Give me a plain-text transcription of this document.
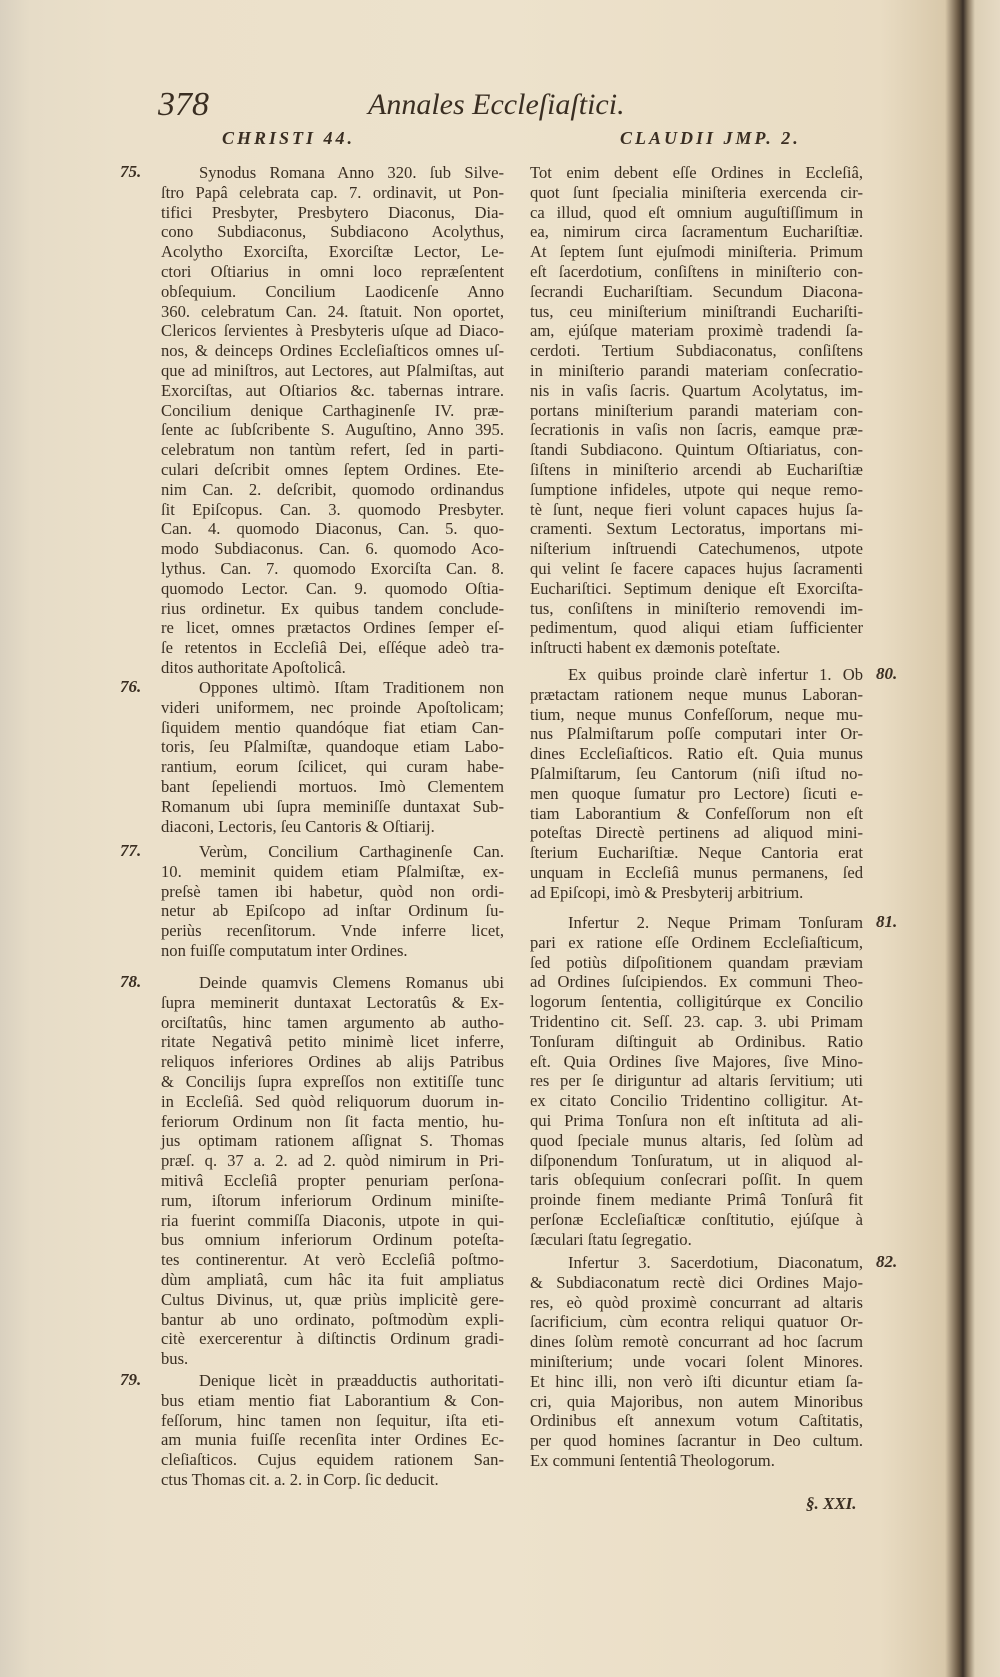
378	Annales Eccleſiaſtici.
CHRISTI 44.	CLAUDII JMP. 2.
75.
76.
77.
78.
79.
80.
81.
82.
Synodus Romana Anno 320. ſub Silve-
ſtro Papâ celebrata cap. 7. ordinavit, ut Pon-
tifici Presbyter, Presbytero Diaconus, Dia-
cono Subdiaconus, Subdiacono Acolythus,
Acolytho Exorciſta, Exorciſtæ Lector, Le-
ctori Oſtiarius in omni loco repræſentent
obſequium. Concilium Laodicenſe Anno
360. celebratum Can. 24. ſtatuit. Non oportet,
Clericos ſervientes à Presbyteris uſque ad Diaco-
nos, & deinceps Ordines Eccleſiaſticos omnes uſ-
que ad miniſtros, aut Lectores, aut Pſalmiſtas, aut
Exorciſtas, aut Oſtiarios &c. tabernas intrare.
Concilium denique Carthaginenſe IV. præ-
ſente ac ſubſcribente S. Auguſtino, Anno 395.
celebratum non tantùm refert, ſed in parti-
culari deſcribit omnes ſeptem Ordines. Ete-
nim Can. 2. deſcribit, quomodo ordinandus
ſit Epiſcopus. Can. 3. quomodo Presbyter.
Can. 4. quomodo Diaconus, Can. 5. quo-
modo Subdiaconus. Can. 6. quomodo Aco-
lythus. Can. 7. quomodo Exorciſta Can. 8.
quomodo Lector. Can. 9. quomodo Oſtia-
rius ordinetur. Ex quibus tandem conclude-
re licet, omnes prætactos Ordines ſemper eſ-
ſe retentos in Eccleſiâ Dei, eſſéque adeò tra-
ditos authoritate Apoſtolicâ.
Oppones ultimò. Iſtam Traditionem non
videri uniformem, nec proinde Apoſtolicam;
ſiquidem mentio quandóque fiat etiam Can-
toris, ſeu Pſalmiſtæ, quandoque etiam Labo-
rantium, eorum ſcilicet, qui curam habe-
bant ſepeliendi mortuos. Imò Clementem
Romanum ubi ſupra meminiſſe duntaxat Sub-
diaconi, Lectoris, ſeu Cantoris & Oſtiarij.
Verùm, Concilium Carthaginenſe Can.
10. meminit quidem etiam Pſalmiſtæ, ex-
preſsè tamen ibi habetur, quòd non ordi-
netur ab Epiſcopo ad inſtar Ordinum ſu-
periùs recenſitorum. Vnde inferre licet,
non fuiſſe computatum inter Ordines.
Deinde quamvis Clemens Romanus ubi
ſupra meminerit duntaxat Lectoratûs & Ex-
orciſtatûs, hinc tamen argumento ab autho-
ritate Negativâ petito minimè licet inferre,
reliquos inferiores Ordines ab alijs Patribus
& Concilijs ſupra expreſſos non extitiſſe tunc
in Eccleſiâ. Sed quòd reliquorum duorum in-
feriorum Ordinum non ſit facta mentio, hu-
jus optimam rationem aſſignat S. Thomas
præſ. q. 37 a. 2. ad 2. quòd nimirum in Pri-
mitivâ Eccleſiâ propter penuriam perſona-
rum, iſtorum inferiorum Ordinum miniſte-
ria fuerint commiſſa Diaconis, utpote in qui-
bus omnium inferiorum Ordinum poteſta-
tes continerentur. At verò Eccleſiâ poſtmo-
dùm ampliatâ, cum hâc ita fuit ampliatus
Cultus Divinus, ut, quæ priùs implicitè gere-
bantur ab uno ordinato, poſtmodùm expli-
citè exercerentur à diſtinctis Ordinum gradi-
bus.
Denique licèt in præadductis authoritati-
bus etiam mentio fiat Laborantium & Con-
feſſorum, hinc tamen non ſequitur, iſta eti-
am munia fuiſſe recenſita inter Ordines Ec-
cleſiaſticos. Cujus equidem rationem San-
ctus Thomas cit. a. 2. in Corp. ſic deducit.
Tot enim debent eſſe Ordines in Eccleſiâ,
quot ſunt ſpecialia miniſteria exercenda cir-
ca illud, quod eſt omnium auguſtiſſimum in
ea, nimirum circa ſacramentum Euchariſtiæ.
At ſeptem ſunt ejuſmodi miniſteria. Primum
eſt ſacerdotium, conſiſtens in miniſterio con-
ſecrandi Euchariſtiam. Secundum Diacona-
tus, ceu miniſterium miniſtrandi Euchariſti-
am, ejúſque materiam proximè tradendi ſa-
cerdoti. Tertium Subdiaconatus, conſiſtens
in miniſterio parandi materiam conſecratio-
nis in vaſis ſacris. Quartum Acolytatus, im-
portans miniſterium parandi materiam con-
ſecrationis in vaſis non ſacris, eamque præ-
ſtandi Subdiacono. Quintum Oſtiariatus, con-
ſiſtens in miniſterio arcendi ab Euchariſtiæ
ſumptione infideles, utpote qui neque remo-
tè ſunt, neque fieri volunt capaces hujus ſa-
cramenti. Sextum Lectoratus, importans mi-
niſterium inſtruendi Catechumenos, utpote
qui velint ſe facere capaces hujus ſacramenti
Euchariſtici. Septimum denique eſt Exorciſta-
tus, conſiſtens in miniſterio removendi im-
pedimentum, quod aliqui etiam ſufficienter
inſtructi habent ex dæmonis poteſtate.
Ex quibus proinde clarè infertur 1. Ob
prætactam rationem neque munus Laboran-
tium, neque munus Confeſſorum, neque mu-
nus Pſalmiſtarum poſſe computari inter Or-
dines Eccleſiaſticos. Ratio eſt. Quia munus
Pſalmiſtarum, ſeu Cantorum (niſi iſtud no-
men quoque ſumatur pro Lectore) ſicuti e-
tiam Laborantium & Confeſſorum non eſt
poteſtas Directè pertinens ad aliquod mini-
ſterium Euchariſtiæ. Neque Cantoria erat
unquam in Eccleſiâ munus permanens, ſed
ad Epiſcopi, imò & Presbyterij arbitrium.
Infertur 2. Neque Primam Tonſuram
pari ex ratione eſſe Ordinem Eccleſiaſticum,
ſed potiùs diſpoſitionem quandam præviam
ad Ordines ſuſcipiendos. Ex communi Theo-
logorum ſententia, colligitúrque ex Concilio
Tridentino cit. Seſſ. 23. cap. 3. ubi Primam
Tonſuram diſtinguit ab Ordinibus. Ratio
eſt. Quia Ordines ſive Majores, ſive Mino-
res per ſe diriguntur ad altaris ſervitium; uti
ex citato Concilio Tridentino colligitur. At-
qui Prima Tonſura non eſt inſtituta ad ali-
quod ſpeciale munus altaris, ſed ſolùm ad
diſponendum Tonſuratum, ut in aliquod al-
taris obſequium conſecrari poſſit. In quem
proinde finem mediante Primâ Tonſurâ fit
perſonæ Eccleſiaſticæ conſtitutio, ejúſque à
ſæculari ſtatu ſegregatio.
Infertur 3. Sacerdotium, Diaconatum,
& Subdiaconatum rectè dici Ordines Majo-
res, eò quòd proximè concurrant ad altaris
ſacrificium, cùm econtra reliqui quatuor Or-
dines ſolùm remotè concurrant ad hoc ſacrum
miniſterium; unde vocari ſolent Minores.
Et hinc illi, non verò iſti dicuntur etiam ſa-
cri, quia Majoribus, non autem Minoribus
Ordinibus eſt annexum votum Caſtitatis,
per quod homines ſacrantur in Deo cultum.
Ex communi ſententiâ Theologorum.
§. XXI.
